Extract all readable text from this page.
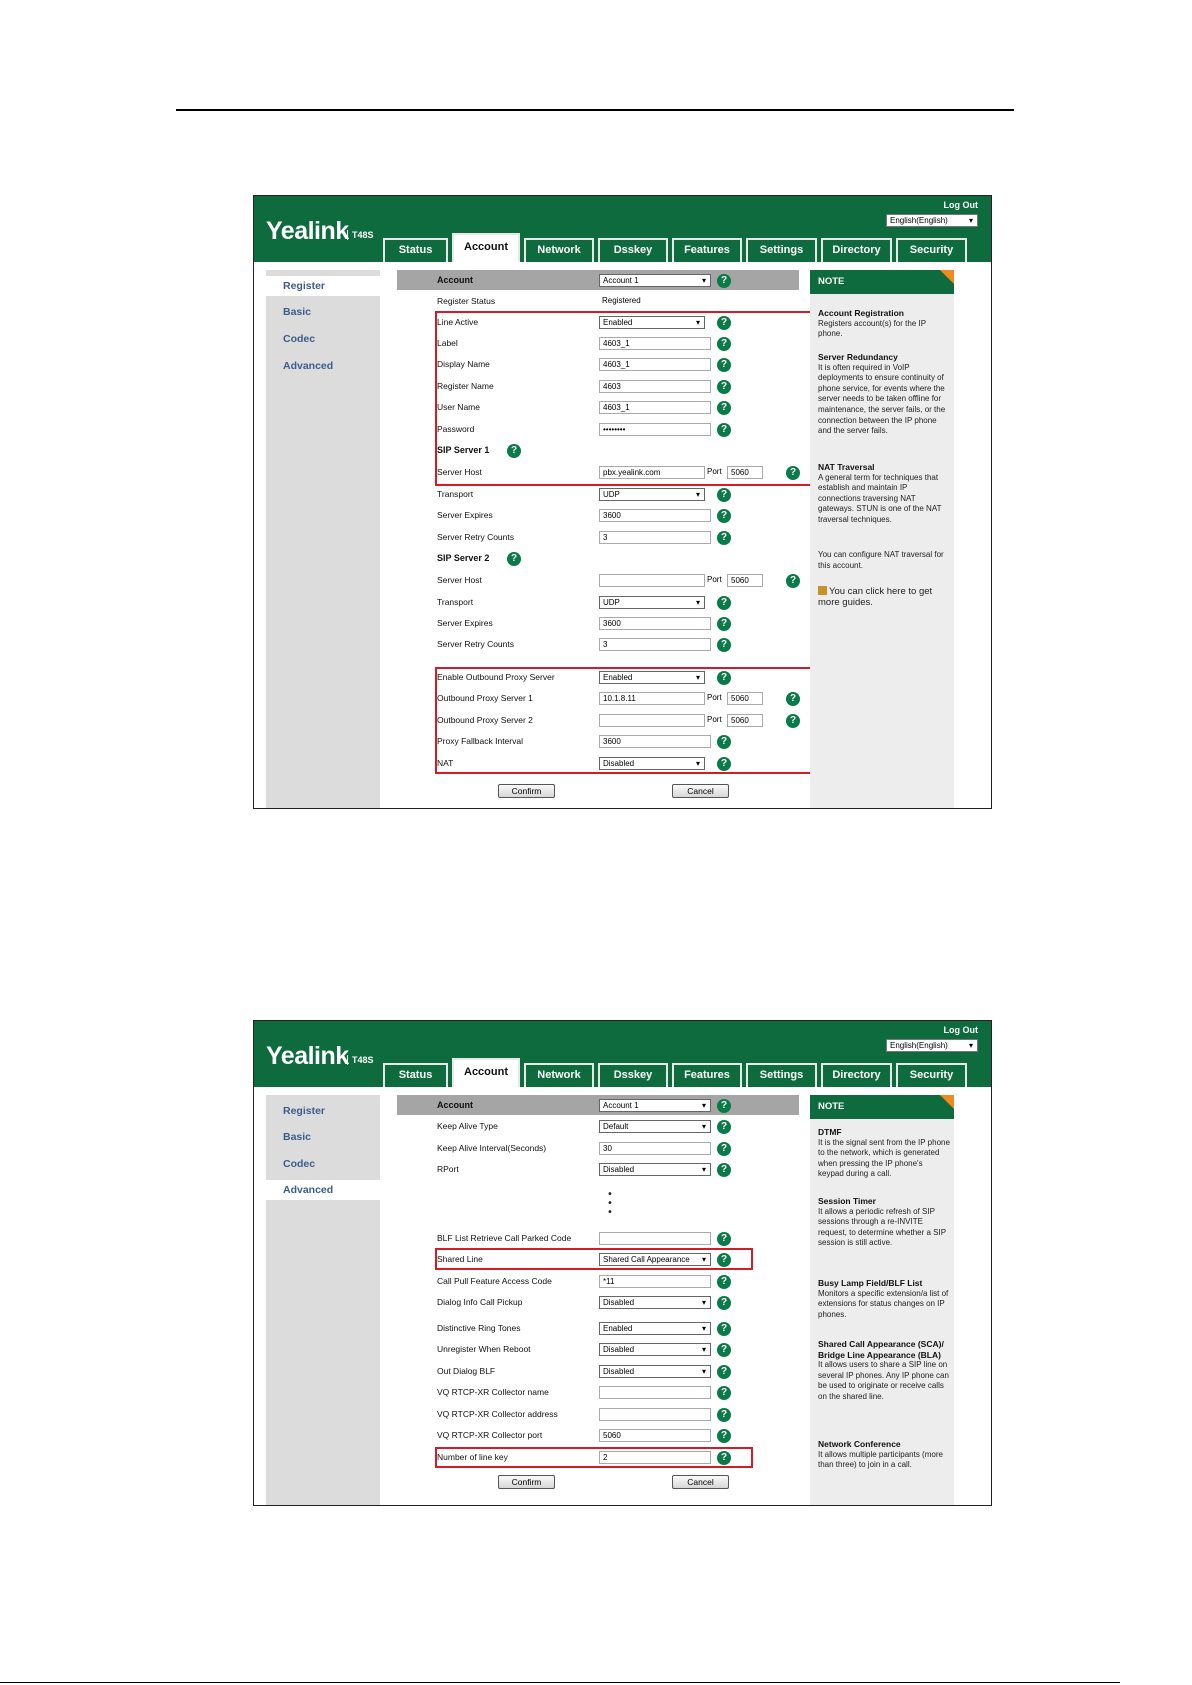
Yealink T48S
Log Out
English(English) ▾
Status	Account	Network	Dsskey	Features	Settings	Directory	Security
Register
Basic
Codec
Advanced
Account	Account 1 ▾	?
Register Status	Registered
Line Active	Enabled ▾	?
Label	4603_1	?
Display Name	4603_1	?
Register Name	4603	?
User Name	4603_1	?
Password	••••••••	?
SIP Server 1	?
Server Host	pbx.yealink.com	Port	5060	?
Transport	UDP ▾	?
Server Expires	3600	?
Server Retry Counts	3	?
SIP Server 2	?
Server Host	Port	5060	?
Transport	UDP ▾	?
Server Expires	3600	?
Server Retry Counts	3	?
Enable Outbound Proxy Server	Enabled ▾	?
Outbound Proxy Server 1	10.1.8.11	Port	5060	?
Outbound Proxy Server 2	Port	5060	?
Proxy Fallback Interval	3600	?
NAT	Disabled ▾	?
Confirm	Cancel
NOTE
Account Registration
Registers account(s) for the IP phone.
Server Redundancy
It is often required in VoIP deployments to ensure continuity of phone service, for events where the server needs to be taken offline for maintenance, the server fails, or the connection between the IP phone and the server fails.
NAT Traversal
A general term for techniques that establish and maintain IP connections traversing NAT gateways. STUN is one of the NAT traversal techniques.
You can configure NAT traversal for this account.
You can click here to get more guides.
Yealink T48S
Log Out
English(English) ▾
Status	Account	Network	Dsskey	Features	Settings	Directory	Security
Register
Basic
Codec
Advanced
Account	Account 1 ▾	?
Keep Alive Type	Default ▾	?
Keep Alive Interval(Seconds)	30	?
RPort	Disabled ▾	?
•
•
•
BLF List Retrieve Call Parked Code	?
Shared Line	Shared Call Appearance ▾	?
Call Pull Feature Access Code	*11	?
Dialog Info Call Pickup	Disabled ▾	?
Distinctive Ring Tones	Enabled ▾	?
Unregister When Reboot	Disabled ▾	?
Out Dialog BLF	Disabled ▾	?
VQ RTCP-XR Collector name	?
VQ RTCP-XR Collector address	?
VQ RTCP-XR Collector port	5060	?
Number of line key	2	?
Confirm	Cancel
NOTE
DTMF
It is the signal sent from the IP phone to the network, which is generated when pressing the IP phone's keypad during a call.
Session Timer
It allows a periodic refresh of SIP sessions through a re-INVITE request, to determine whether a SIP session is still active.
Busy Lamp Field/BLF List
Monitors a specific extension/a list of extensions for status changes on IP phones.
Shared Call Appearance (SCA)/ Bridge Line Appearance (BLA)
It allows users to share a SIP line on several IP phones. Any IP phone can be used to originate or receive calls on the shared line.
Network Conference
It allows multiple participants (more than three) to join in a call.
